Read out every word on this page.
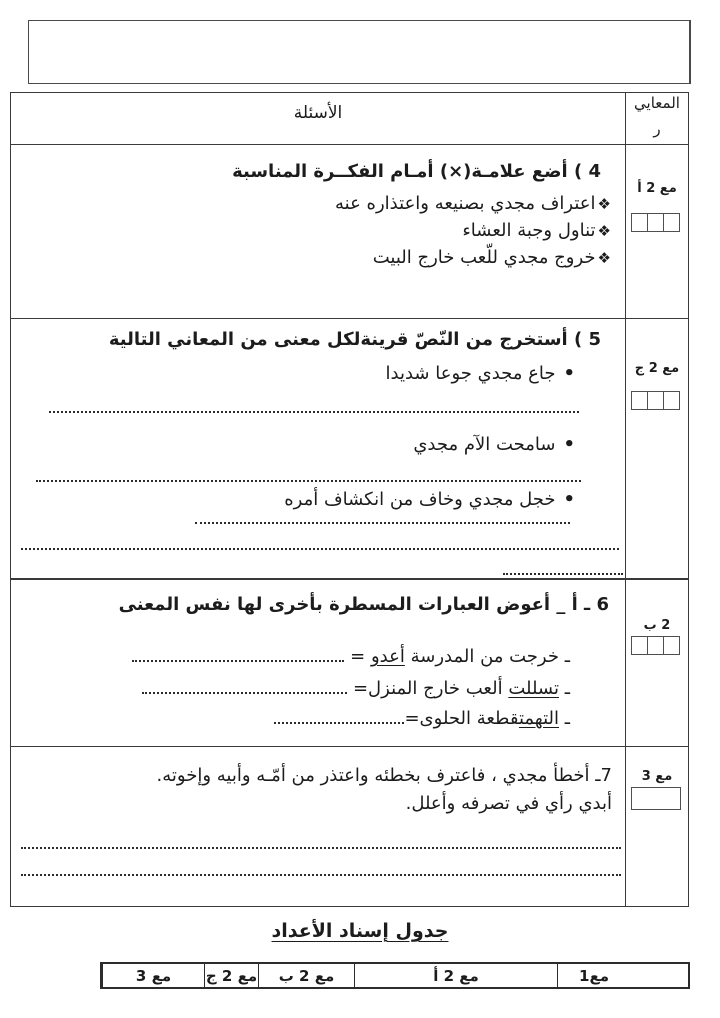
الأسئلة	المعايي
ر
4 ) أضع علامـة(×) أمـام الفكــرة المناسبة
❖اعتراف مجدي بصنيعه واعتذاره عنه
❖تناول وجبة العشاء
❖خروج مجدي للّعب خارج البيت
مع 2 أ
5 ) أستخرج من النّصّ قرينةلكل معنى من المعاني التالية
•جاع مجدي جوعا شديدا
•سامحت الآم مجدي
•خجل مجدي وخاف من انكشاف أمره
مع 2 ج
6 ـ أ _ أعوض العبارات المسطرة بأخرى لها نفس المعنى
ـ خرجت من المدرسة أعدو =
ـ تسللت ألعب خارج المنزل=
ـ التهمتقطعة الحلوى=
2 ب
7ـ أخطأ مجدي ، فاعترف بخطئه واعتذر من أمّـه وأبيه وإخوته.
أبدي رأي في تصرفه وأعلل.
مع 3
جدول إسناد الأعداد
مع1
مع 2 أ
مع 2 ب
مع 2 ج
مع 3
